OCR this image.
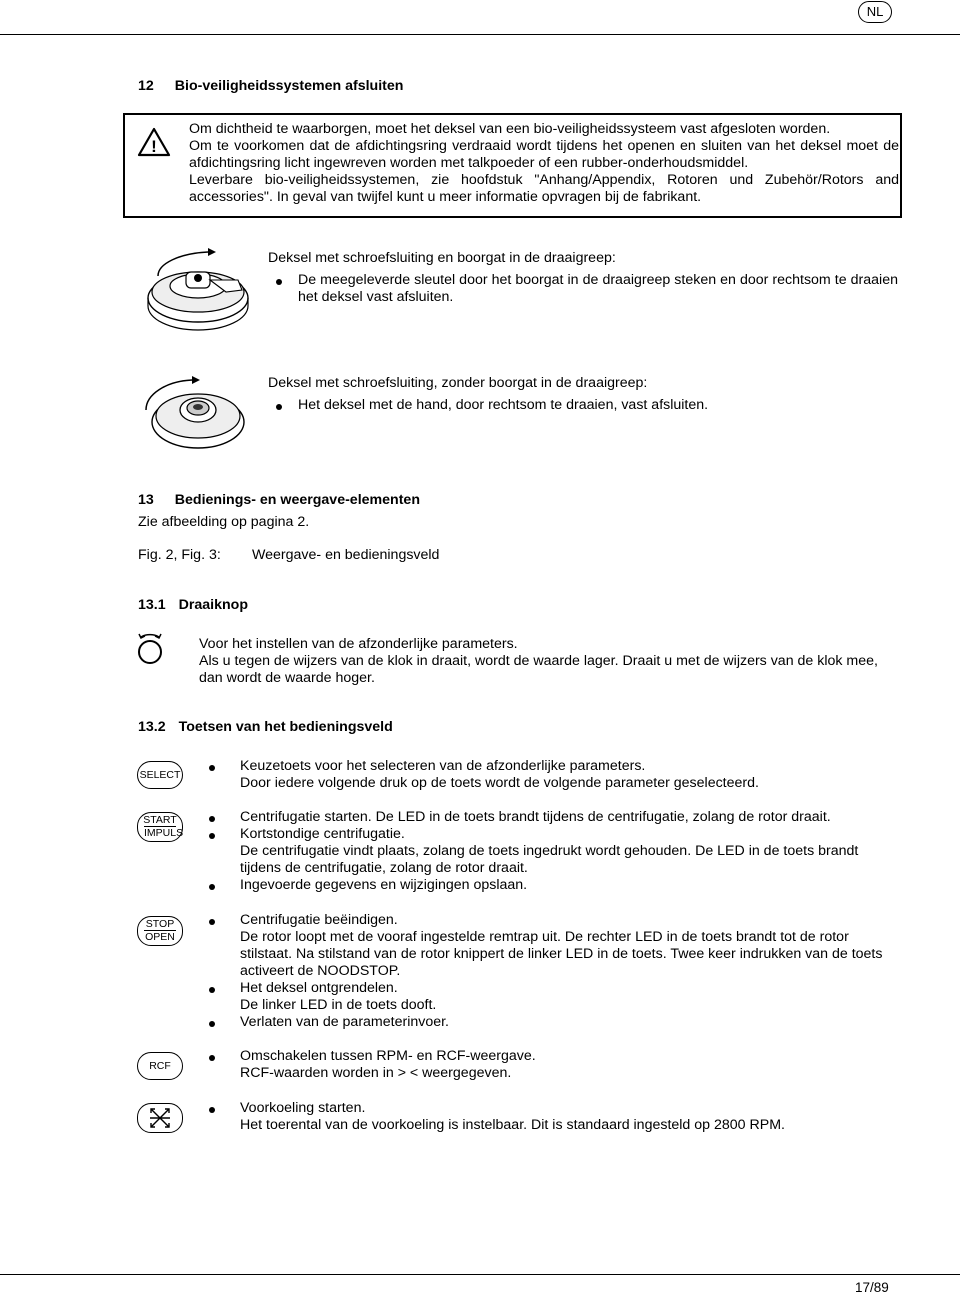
NL
12 Bio-veiligheidssystemen afsluiten
!

Om dichtheid te waarborgen, moet het deksel van een bio-veiligheidssysteem vast afgesloten worden.

Om te voorkomen dat de afdichtingsring verdraaid wordt tijdens het openen en sluiten van het deksel moet de afdichtingsring licht ingewreven worden met talkpoeder of een rubber-onderhoudsmiddel.

Leverbare bio-veiligheidssystemen, zie hoofdstuk "Anhang/Appendix, Rotoren und Zubehör/Rotors and accessories". In geval van twijfel kunt u meer informatie opvragen bij de fabrikant.

Deksel met schroefsluiting en boorgat in de draaigreep:
De meegeleverde sleutel door het boorgat in de draaigreep steken en door rechtsom te draaien het deksel vast afsluiten.
Deksel met schroefsluiting, zonder boorgat in de draaigreep:
Het deksel met de hand, door rechtsom te draaien, vast afsluiten.
13 Bedienings- en weergave-elementen
Zie afbeelding op pagina 2.
Fig. 2, Fig. 3: Weergave- en bedieningsveld
13.1 Draaiknop
Voor het instellen van de afzonderlijke parameters.
Als u tegen de wijzers van de klok in draait, wordt de waarde lager. Draait u met de wijzers van de klok mee,
dan wordt de waarde hoger.
13.2 Toetsen van het bedieningsveld
SELECT
Keuzetoets voor het selecteren van de afzonderlijke parameters.
Door iedere volgende druk op de toets wordt de volgende parameter geselecteerd.
START
IMPULS
Centrifugatie starten. De LED in de toets brandt tijdens de centrifugatie, zolang de rotor draait.
Kortstondige centrifugatie.
De centrifugatie vindt plaats, zolang de toets ingedrukt wordt gehouden. De LED in de toets brandt
tijdens de centrifugatie, zolang de rotor draait.
Ingevoerde gegevens en wijzigingen opslaan.
STOP
OPEN
Centrifugatie beëindigen.
De rotor loopt met de vooraf ingestelde remtrap uit. De rechter LED in de toets brandt tot de rotor
stilstaat. Na stilstand van de rotor knippert de linker LED in de toets. Twee keer indrukken van de toets
activeert de NOODSTOP.
Het deksel ontgrendelen.
De linker LED in de toets dooft.
Verlaten van de parameterinvoer.
RCF
Omschakelen tussen RPM- en RCF-weergave.
RCF-waarden worden in > < weergegeven.
Voorkoeling starten.
Het toerental van de voorkoeling is instelbaar. Dit is standaard ingesteld op 2800 RPM.
17/89
